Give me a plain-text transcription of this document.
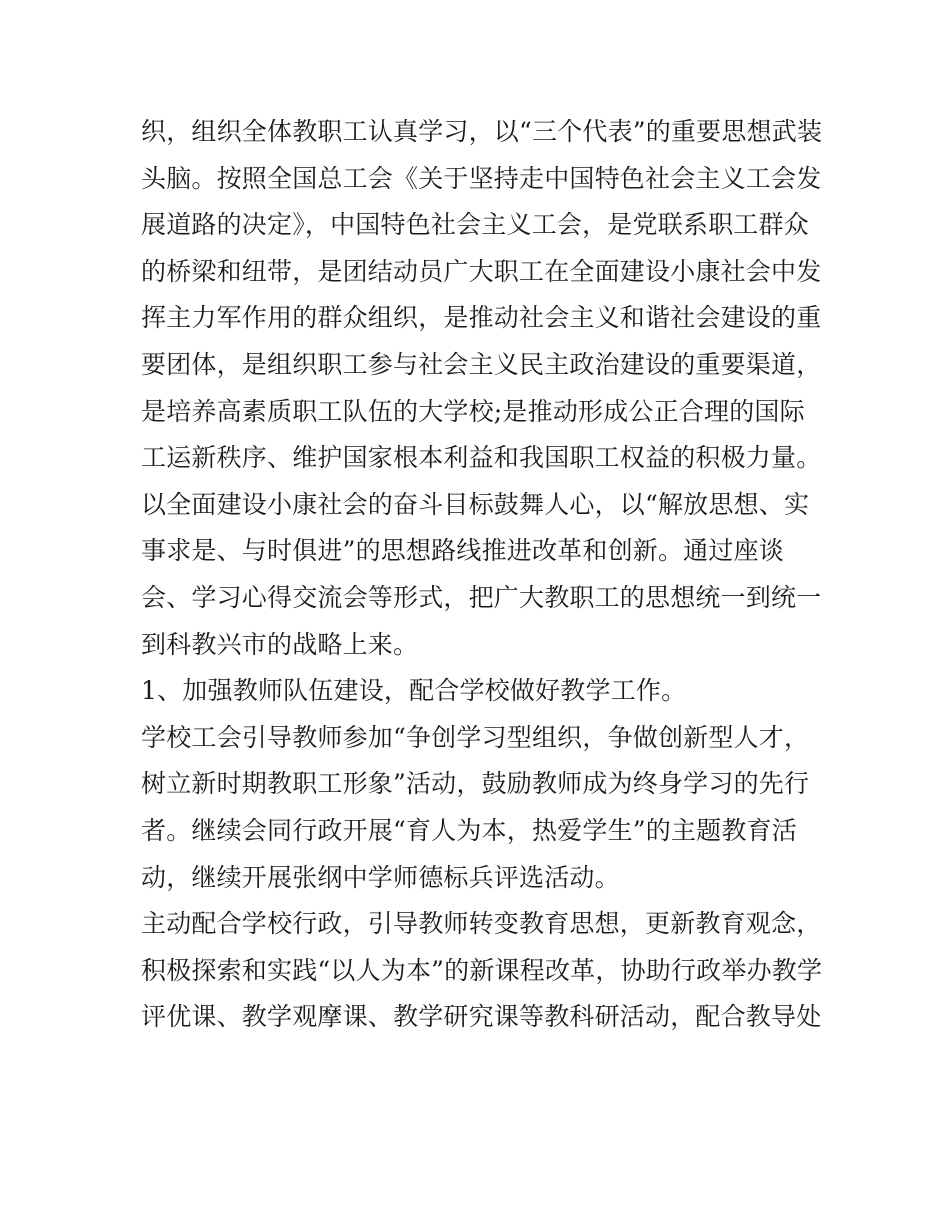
织，组织全体教职工认真学习，以“三个代表”的重要思想武装
头脑。按照全国总工会《关于坚持走中国特色社会主义工会发
展道路的决定》，中国特色社会主义工会，是党联系职工群众
的桥梁和纽带，是团结动员广大职工在全面建设小康社会中发
挥主力军作用的群众组织，是推动社会主义和谐社会建设的重
要团体，是组织职工参与社会主义民主政治建设的重要渠道，
是培养高素质职工队伍的大学校;是推动形成公正合理的国际
工运新秩序、维护国家根本利益和我国职工权益的积极力量。
以全面建设小康社会的奋斗目标鼓舞人心，以“解放思想、实
事求是、与时俱进”的思想路线推进改革和创新。通过座谈
会、学习心得交流会等形式，把广大教职工的思想统一到统一
到科教兴市的战略上来。
1、加强教师队伍建设，配合学校做好教学工作。
学校工会引导教师参加“争创学习型组织，争做创新型人才，
树立新时期教职工形象”活动，鼓励教师成为终身学习的先行
者。继续会同行政开展“育人为本，热爱学生”的主题教育活
动，继续开展张纲中学师德标兵评选活动。
主动配合学校行政，引导教师转变教育思想，更新教育观念，
积极探索和实践“以人为本”的新课程改革，协助行政举办教学
评优课、教学观摩课、教学研究课等教科研活动，配合教导处
